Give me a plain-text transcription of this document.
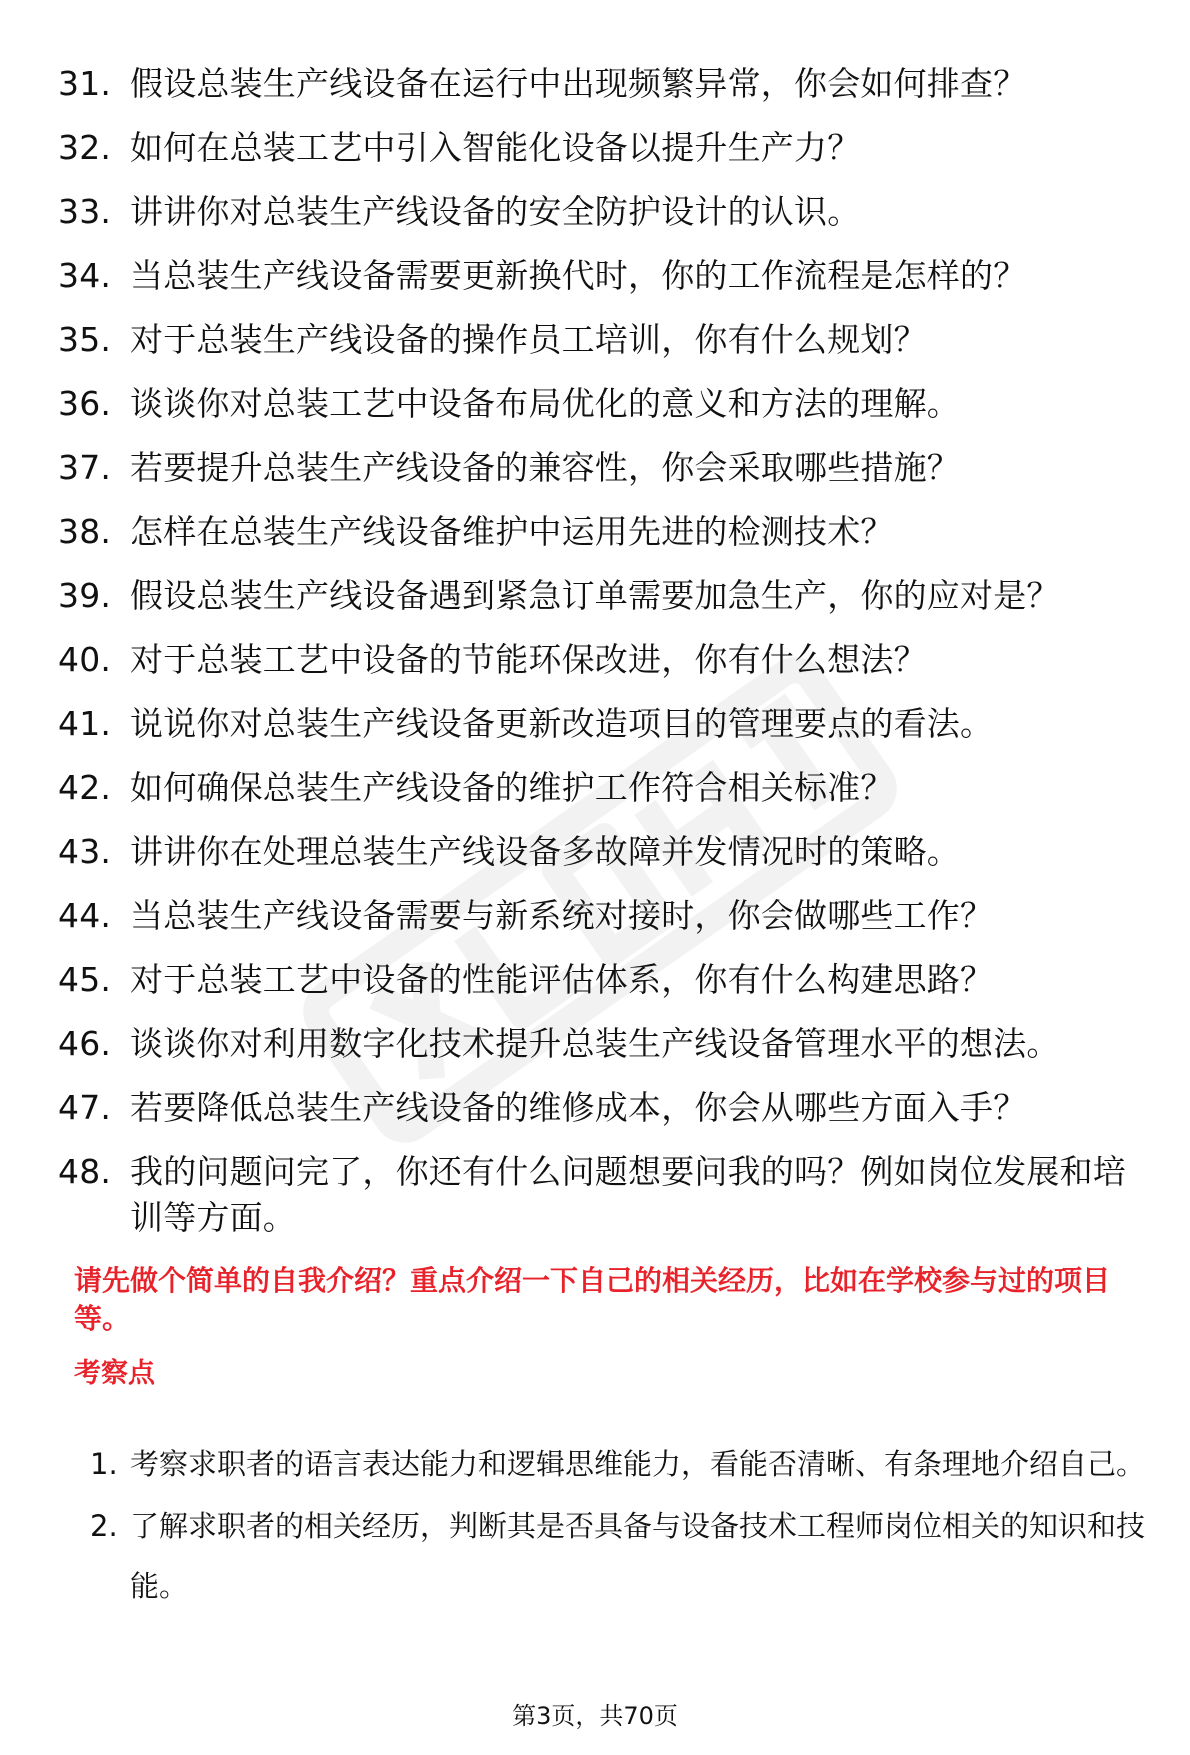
31. 假设总装生产线设备在运行中出现频繁异常，你会如何排查？
32. 如何在总装工艺中引入智能化设备以提升生产力？
33. 讲讲你对总装生产线设备的安全防护设计的认识。
34. 当总装生产线设备需要更新换代时，你的工作流程是怎样的？
35. 对于总装生产线设备的操作员工培训，你有什么规划？
36. 谈谈你对总装工艺中设备布局优化的意义和方法的理解。
37. 若要提升总装生产线设备的兼容性，你会采取哪些措施？
38. 怎样在总装生产线设备维护中运用先进的检测技术？
39. 假设总装生产线设备遇到紧急订单需要加急生产，你的应对是？
40. 对于总装工艺中设备的节能环保改进，你有什么想法？
41. 说说你对总装生产线设备更新改造项目的管理要点的看法。
42. 如何确保总装生产线设备的维护工作符合相关标准？
43. 讲讲你在处理总装生产线设备多故障并发情况时的策略。
44. 当总装生产线设备需要与新系统对接时，你会做哪些工作？
45. 对于总装工艺中设备的性能评估体系，你有什么构建思路？
46. 谈谈你对利用数字化技术提升总装生产线设备管理水平的想法。
47. 若要降低总装生产线设备的维修成本，你会从哪些方面入手？
48. 我的问题问完了，你还有什么问题想要问我的吗？例如岗位发展和培训等方面。
请先做个简单的自我介绍？重点介绍一下自己的相关经历，比如在学校参与过的项目等。
考察点
1. 考察求职者的语言表达能力和逻辑思维能力，看能否清晰、有条理地介绍自己。
2. 了解求职者的相关经历，判断其是否具备与设备技术工程师岗位相关的知识和技能。
第3页，共70页
